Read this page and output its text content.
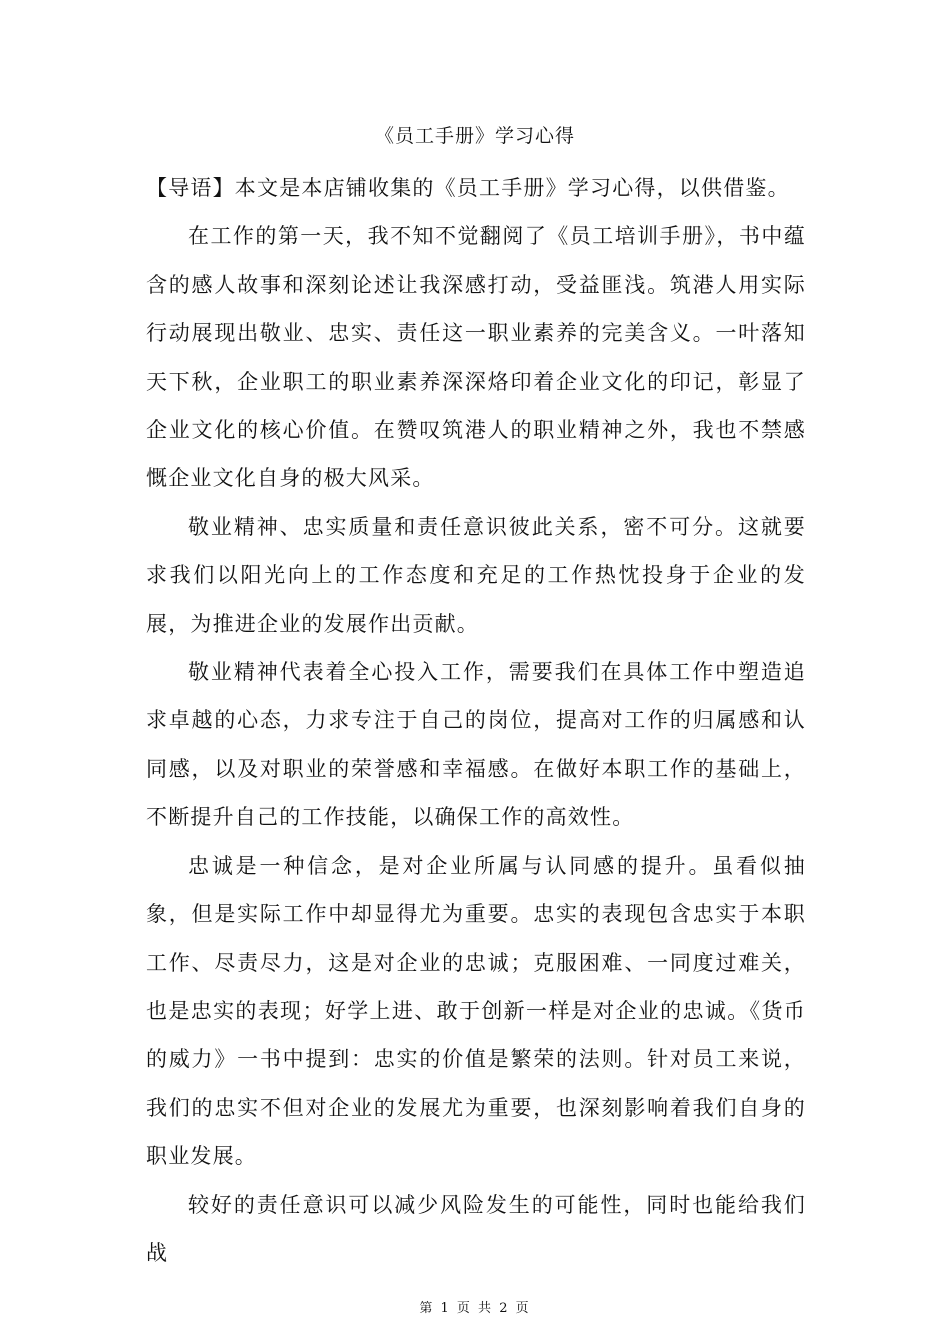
《员工手册》学习心得

【导语】本文是本店铺收集的《员工手册》学习心得，以供借鉴。

在工作的第一天，我不知不觉翻阅了《员工培训手册》，书中蕴含的感人故事和深刻论述让我深感打动，受益匪浅。筑港人用实际行动展现出敬业、忠实、责任这一职业素养的完美含义。一叶落知天下秋，企业职工的职业素养深深烙印着企业文化的印记，彰显了企业文化的核心价值。在赞叹筑港人的职业精神之外，我也不禁感慨企业文化自身的极大风采。

敬业精神、忠实质量和责任意识彼此关系，密不可分。这就要求我们以阳光向上的工作态度和充足的工作热忱投身于企业的发展，为推进企业的发展作出贡献。

敬业精神代表着全心投入工作，需要我们在具体工作中塑造追求卓越的心态，力求专注于自己的岗位，提高对工作的归属感和认同感，以及对职业的荣誉感和幸福感。在做好本职工作的基础上，不断提升自己的工作技能，以确保工作的高效性。

忠诚是一种信念，是对企业所属与认同感的提升。虽看似抽象，但是实际工作中却显得尤为重要。忠实的表现包含忠实于本职工作、尽责尽力，这是对企业的忠诚；克服困难、一同度过难关，也是忠实的表现；好学上进、敢于创新一样是对企业的忠诚。《货币的威力》一书中提到：忠实的价值是繁荣的法则。针对员工来说，我们的忠实不但对企业的发展尤为重要，也深刻影响着我们自身的职业发展。

较好的责任意识可以减少风险发生的可能性，同时也能给我们战

第 1 页 共 2 页
